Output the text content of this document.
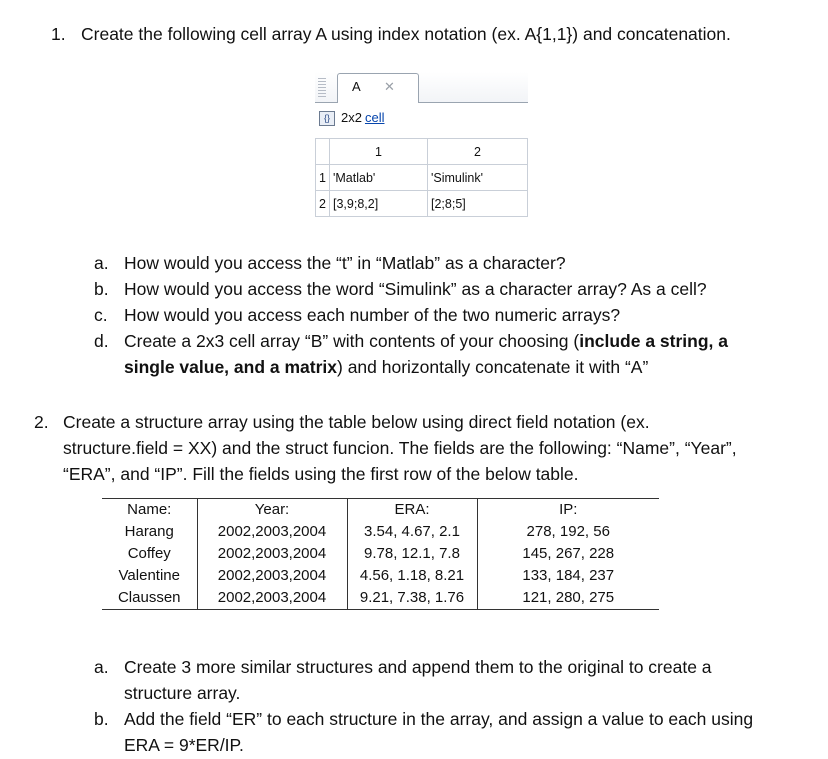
1. Create the following cell array A using index notation (ex. A{1,1}) and concatenation.
A ✕
{} 2x2 cell
	1	2
1	'Matlab'	'Simulink'
2	[3,9;8,2]	[2;8;5]
a. How would you access the “t” in “Matlab” as a character?
b. How would you access the word “Simulink” as a character array? As a cell?
c. How would you access each number of the two numeric arrays?
d. Create a 2x3 cell array “B” with contents of your choosing (include a string, a
single value, and a matrix) and horizontally concatenate it with “A”
2. Create a structure array using the table below using direct field notation (ex.
structure.field = XX) and the struct funcion. The fields are the following: “Name”, “Year”,
“ERA”, and “IP”. Fill the fields using the first row of the below table.
Name:	Year:	ERA:	IP:
Harang	2002,2003,2004	3.54, 4.67, 2.1	278, 192, 56
Coffey	2002,2003,2004	9.78, 12.1, 7.8	145, 267, 228
Valentine	2002,2003,2004	4.56, 1.18, 8.21	133, 184, 237
Claussen	2002,2003,2004	9.21, 7.38, 1.76	121, 280, 275
a. Create 3 more similar structures and append them to the original to create a
structure array.
b. Add the field “ER” to each structure in the array, and assign a value to each using
ERA = 9*ER/IP.
